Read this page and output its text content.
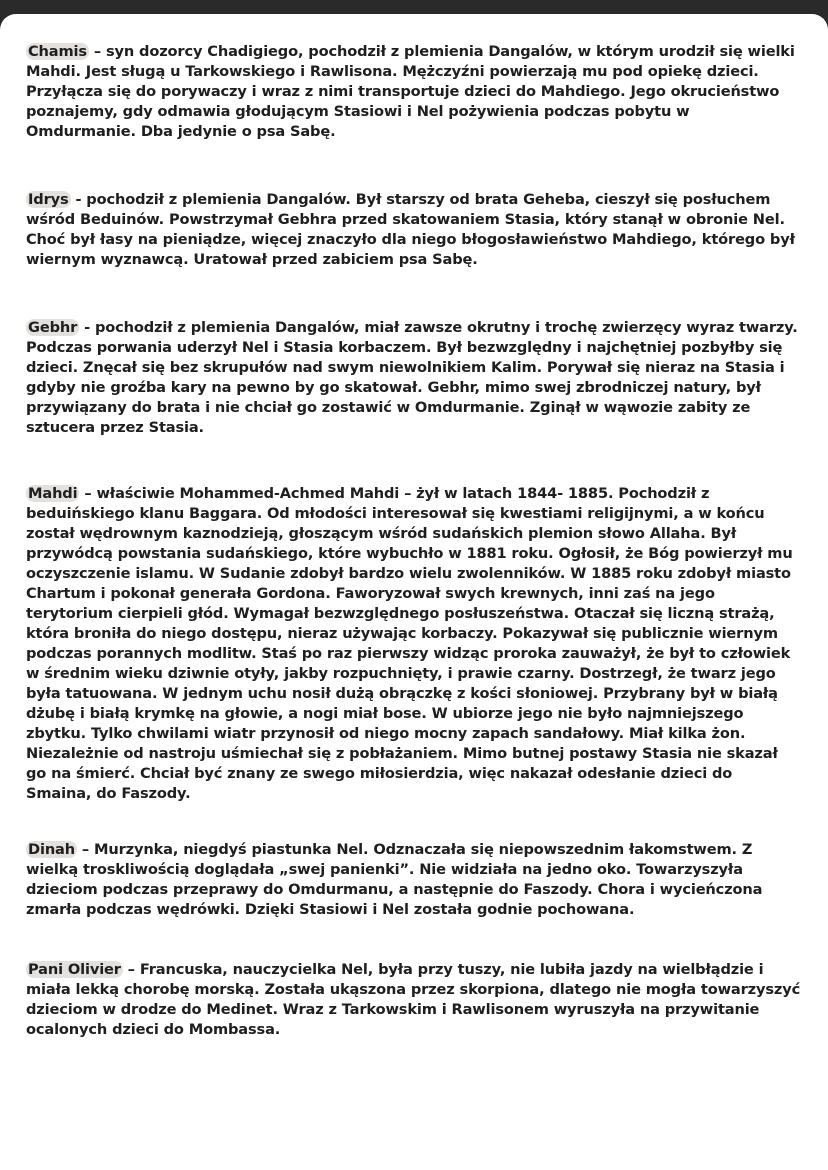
Chamis – syn dozorcy Chadigiego, pochodził z plemienia Dangalów, w którym urodził się wielki Mahdi. Jest sługą u Tarkowskiego i Rawlisona. Mężczyźni powierzają mu pod opiekę dzieci. Przyłącza się do porywaczy i wraz z nimi transportuje dzieci do Mahdiego. Jego okrucieństwo poznajemy, gdy odmawia głodującym Stasiowi i Nel pożywienia podczas pobytu w Omdurmanie. Dba jedynie o psa Sabę.

Idrys - pochodził z plemienia Dangalów. Był starszy od brata Geheba, cieszył się posłuchem wśród Beduinów. Powstrzymał Gebhra przed skatowaniem Stasia, który stanął w obronie Nel. Choć był łasy na pieniądze, więcej znaczyło dla niego błogosławieństwo Mahdiego, którego był wiernym wyznawcą. Uratował przed zabiciem psa Sabę.

Gebhr - pochodził z plemienia Dangalów, miał zawsze okrutny i trochę zwierzęcy wyraz twarzy. Podczas porwania uderzył Nel i Stasia korbaczem. Był bezwzględny i najchętniej pozbyłby się dzieci. Znęcał się bez skrupułów nad swym niewolnikiem Kalim. Porywał się nieraz na Stasia i gdyby nie groźba kary na pewno by go skatował. Gebhr, mimo swej zbrodniczej natury, był przywiązany do brata i nie chciał go zostawić w Omdurmanie. Zginął w wąwozie zabity ze sztucera przez Stasia.

Mahdi – właściwie Mohammed-Achmed Mahdi – żył w latach 1844- 1885. Pochodził z beduińskiego klanu Baggara. Od młodości interesował się kwestiami religijnymi, a w końcu został wędrownym kaznodzieją, głoszącym wśród sudańskich plemion słowo Allaha. Był przywódcą powstania sudańskiego, które wybuchło w 1881 roku. Ogłosił, że Bóg powierzył mu oczyszczenie islamu. W Sudanie zdobył bardzo wielu zwolenników. W 1885 roku zdobył miasto Chartum i pokonał generała Gordona. Faworyzował swych krewnych, inni zaś na jego terytorium cierpieli głód. Wymagał bezwzględnego posłuszeństwa. Otaczał się liczną strażą, która broniła do niego dostępu, nieraz używając korbaczy. Pokazywał się publicznie wiernym podczas porannych modlitw. Staś po raz pierwszy widząc proroka zauważył, że był to człowiek w średnim wieku dziwnie otyły, jakby rozpuchnięty, i prawie czarny. Dostrzegł, że twarz jego była tatuowana. W jednym uchu nosił dużą obrączkę z kości słoniowej. Przybrany był w białą dżubę i białą krymkę na głowie, a nogi miał bose. W ubiorze jego nie było najmniejszego zbytku. Tylko chwilami wiatr przynosił od niego mocny zapach sandałowy. Miał kilka żon. Niezależnie od nastroju uśmiechał się z pobłażaniem. Mimo butnej postawy Stasia nie skazał go na śmierć. Chciał być znany ze swego miłosierdzia, więc nakazał odesłanie dzieci do Smaina, do Faszody.

Dinah – Murzynka, niegdyś piastunka Nel. Odznaczała się niepowszednim łakomstwem. Z wielką troskliwością doglądała „swej panienki”. Nie widziała na jedno oko. Towarzyszyła dzieciom podczas przeprawy do Omdurmanu, a następnie do Faszody. Chora i wycieńczona zmarła podczas wędrówki. Dzięki Stasiowi i Nel została godnie pochowana.

Pani Olivier – Francuska, nauczycielka Nel, była przy tuszy, nie lubiła jazdy na wielbłądzie i miała lekką chorobę morską. Została ukąszona przez skorpiona, dlatego nie mogła towarzyszyć dzieciom w drodze do Medinet. Wraz z Tarkowskim i Rawlisonem wyruszyła na przywitanie ocalonych dzieci do Mombassa.
